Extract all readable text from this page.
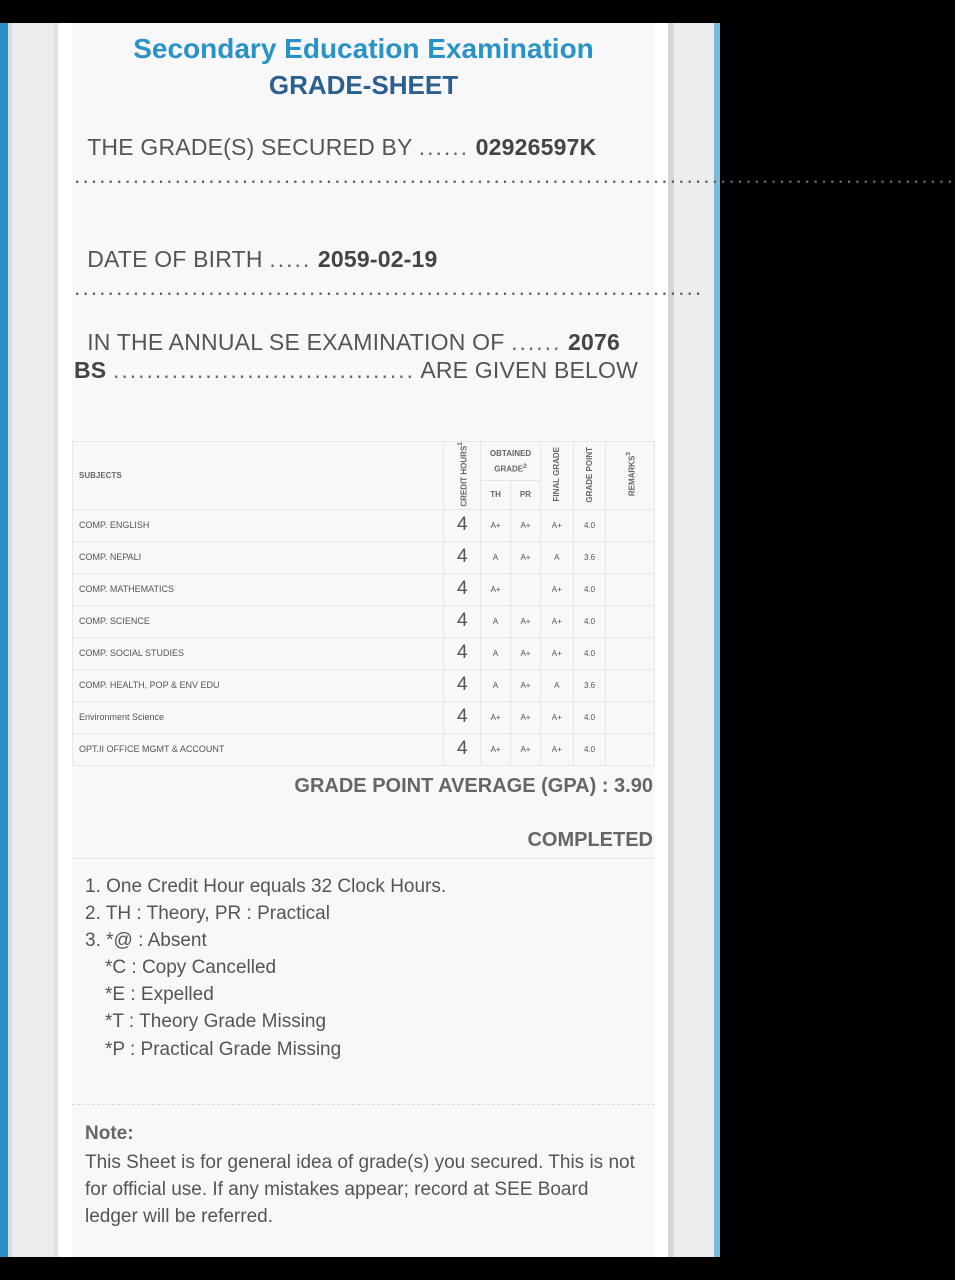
Secondary Education Examination
GRADE-SHEET
THE GRADE(S) SECURED BY ...... 02926597K .........................................................................................................
DATE OF BIRTH ..... 2059-02-19 ...........................................................................
IN THE ANNUAL SE EXAMINATION OF ...... 2076 BS .................................... ARE GIVEN BELOW
SUBJECTS	CREDIT HOURS$^1$	OBTAINED GRADE$^2$		FINAL GRADE	GRADE POINT	REMARKS$^3$
		TH	PR			
COMP. ENGLISH	4	A+	A+	A+	4.0	
COMP. NEPALI	4	A	A+	A	3.6	
COMP. MATHEMATICS	4	A+		A+	4.0	
COMP. SCIENCE	4	A	A+	A+	4.0	
COMP. SOCIAL STUDIES	4	A	A+	A+	4.0	
COMP. HEALTH, POP & ENV EDU	4	A	A+	A	3.6	
Environment Science	4	A+	A+	A+	4.0	
OPT.II OFFICE MGMT & ACCOUNT	4	A+	A+	A+	4.0	
GRADE POINT AVERAGE (GPA) : 3.90
COMPLETED
1. One Credit Hour equals 32 Clock Hours.
2. TH : Theory, PR : Practical
3. *@ : Absent
*C : Copy Cancelled
*E : Expelled
*T : Theory Grade Missing
*P : Practical Grade Missing
Note:
This Sheet is for general idea of grade(s) you secured. This is not for official use. If any mistakes appear; record at SEE Board ledger will be referred.
